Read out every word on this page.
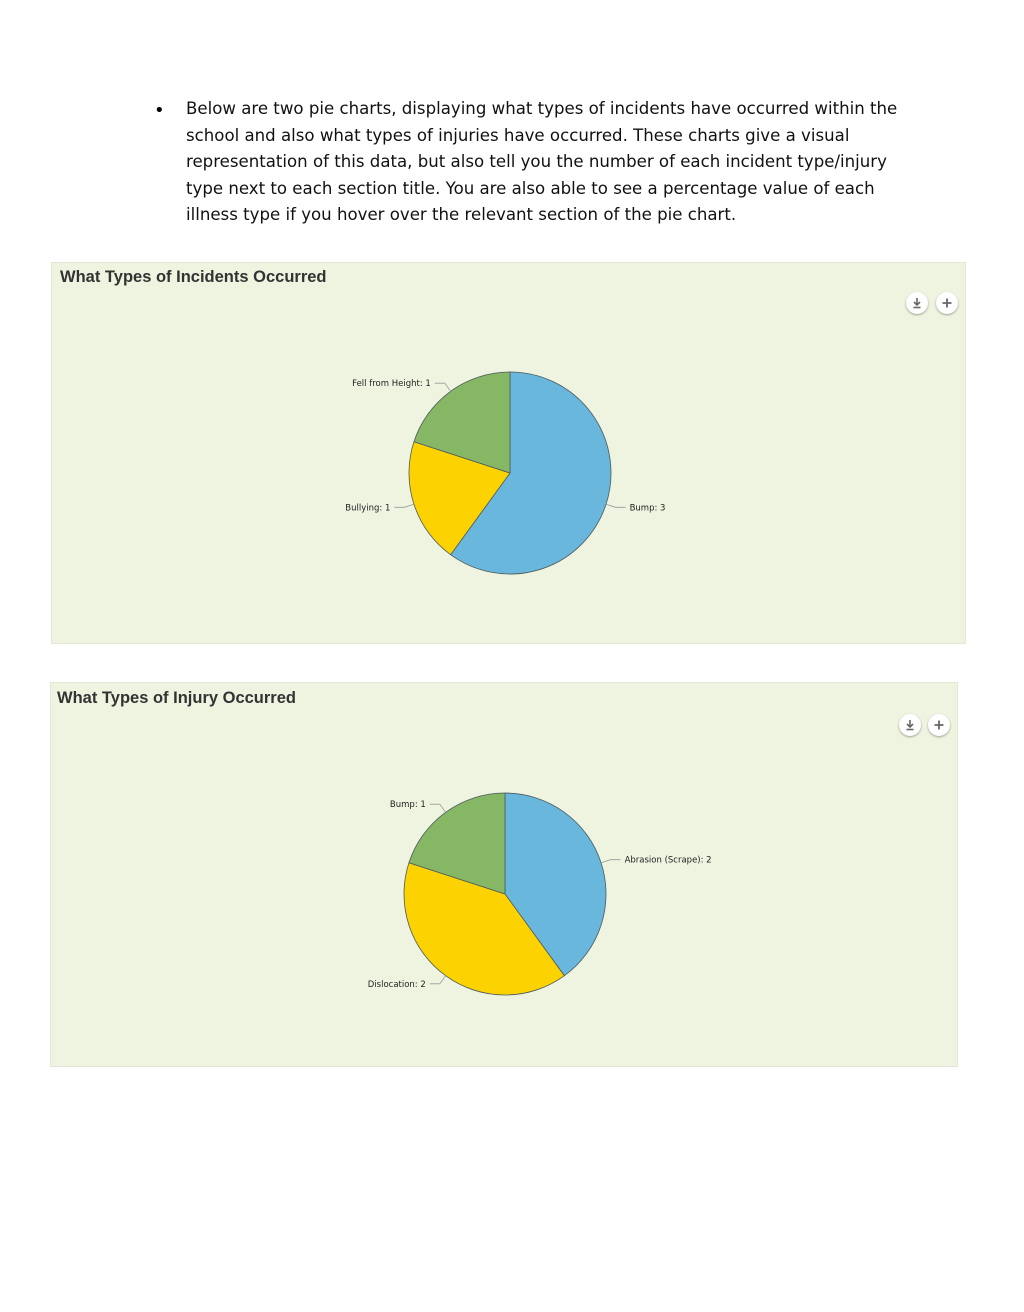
• Below are two pie charts, displaying what types of incidents have occurred within the school and also what types of injuries have occurred. These charts give a visual representation of this data, but also tell you the number of each incident type/injury type next to each section title. You are also able to see a percentage value of each illness type if you hover over the relevant section of the pie chart.

What Types of Incidents Occurred
Bump: 3
Bullying: 1
Fell from Height: 1
What Types of Injury Occurred
Abrasion (Scrape): 2
Dislocation: 2
Bump: 1
